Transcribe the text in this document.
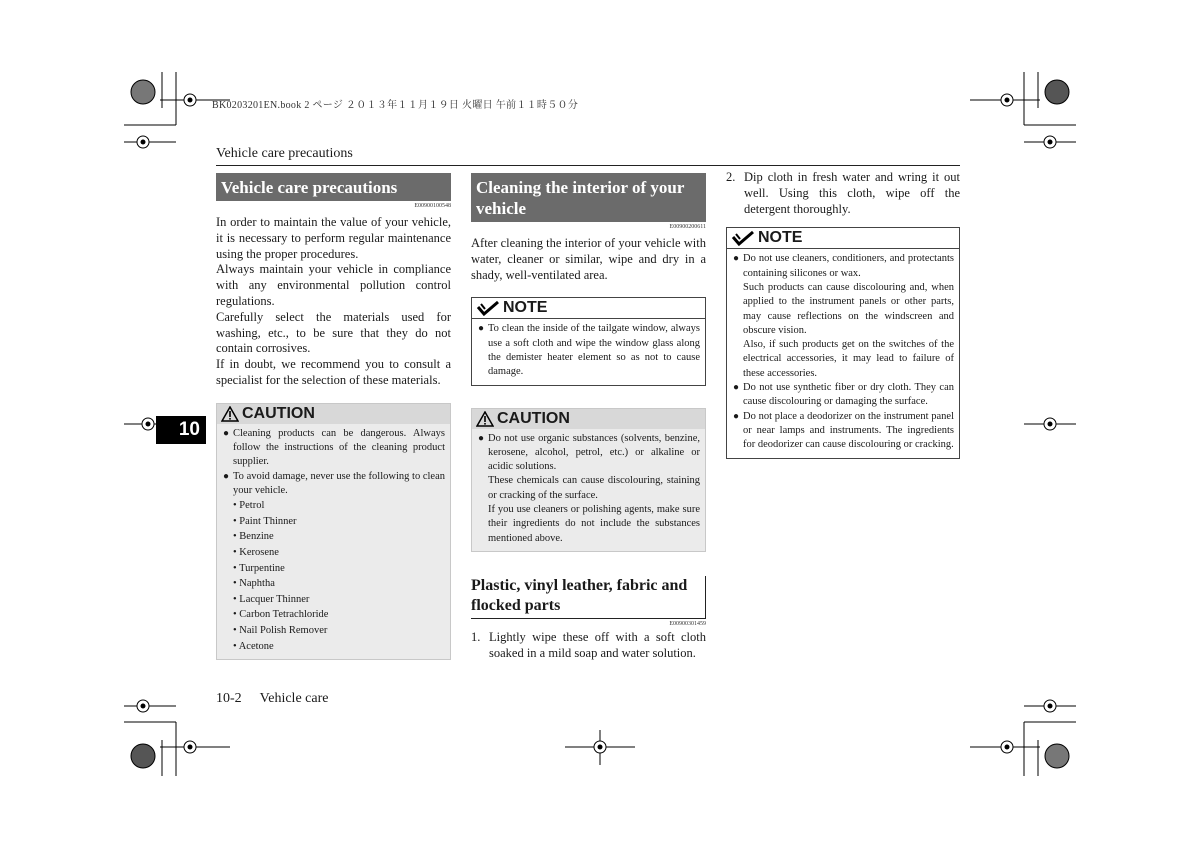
BK0203201EN.book 2 ページ ２０１３年１１月１９日 火曜日 午前１１時５０分
Vehicle care precautions
10
Vehicle care precautions
E00900100548

In order to maintain the value of your vehicle, it is necessary to perform regular maintenance using the proper procedures.

Always maintain your vehicle in compliance with any environmental pollution control regulations.

Carefully select the materials used for washing, etc., to be sure that they do not contain corrosives.

If in doubt, we recommend you to consult a specialist for the selection of these materials.

CAUTION
● Cleaning products can be dangerous. Always follow the instructions of the cleaning product supplier.
● To avoid damage, never use the following to clean your vehicle.
• Petrol
• Paint Thinner
• Benzine
• Kerosene
• Turpentine
• Naphtha
• Lacquer Thinner
• Carbon Tetrachloride
• Nail Polish Remover
• Acetone
Cleaning the interior of your vehicle
E00900200611
After cleaning the interior of your vehicle with water, cleaner or similar, wipe and dry in a shady, well-ventilated area.
NOTE
● To clean the inside of the tailgate window, always use a soft cloth and wipe the window glass along the demister heater element so as not to cause damage.
CAUTION
● Do not use organic substances (solvents, benzine, kerosene, alcohol, petrol, etc.) or alkaline or acidic solutions.
These chemicals can cause discolouring, staining or cracking of the surface.
If you use cleaners or polishing agents, make sure their ingredients do not include the substances mentioned above.
Plastic, vinyl leather, fabric and flocked parts
E00900301459
1. Lightly wipe these off with a soft cloth soaked in a mild soap and water solution.
2. Dip cloth in fresh water and wring it out well. Using this cloth, wipe off the detergent thoroughly.
NOTE
● Do not use cleaners, conditioners, and protectants containing silicones or wax.
Such products can cause discolouring and, when applied to the instrument panels or other parts, may cause reflections on the windscreen and obscure vision.
Also, if such products get on the switches of the electrical accessories, it may lead to failure of these accessories.
● Do not use synthetic fiber or dry cloth. They can cause discolouring or damaging the surface.
● Do not place a deodorizer on the instrument panel or near lamps and instruments. The ingredients for deodorizer can cause discolouring or cracking.
10-2 Vehicle care
